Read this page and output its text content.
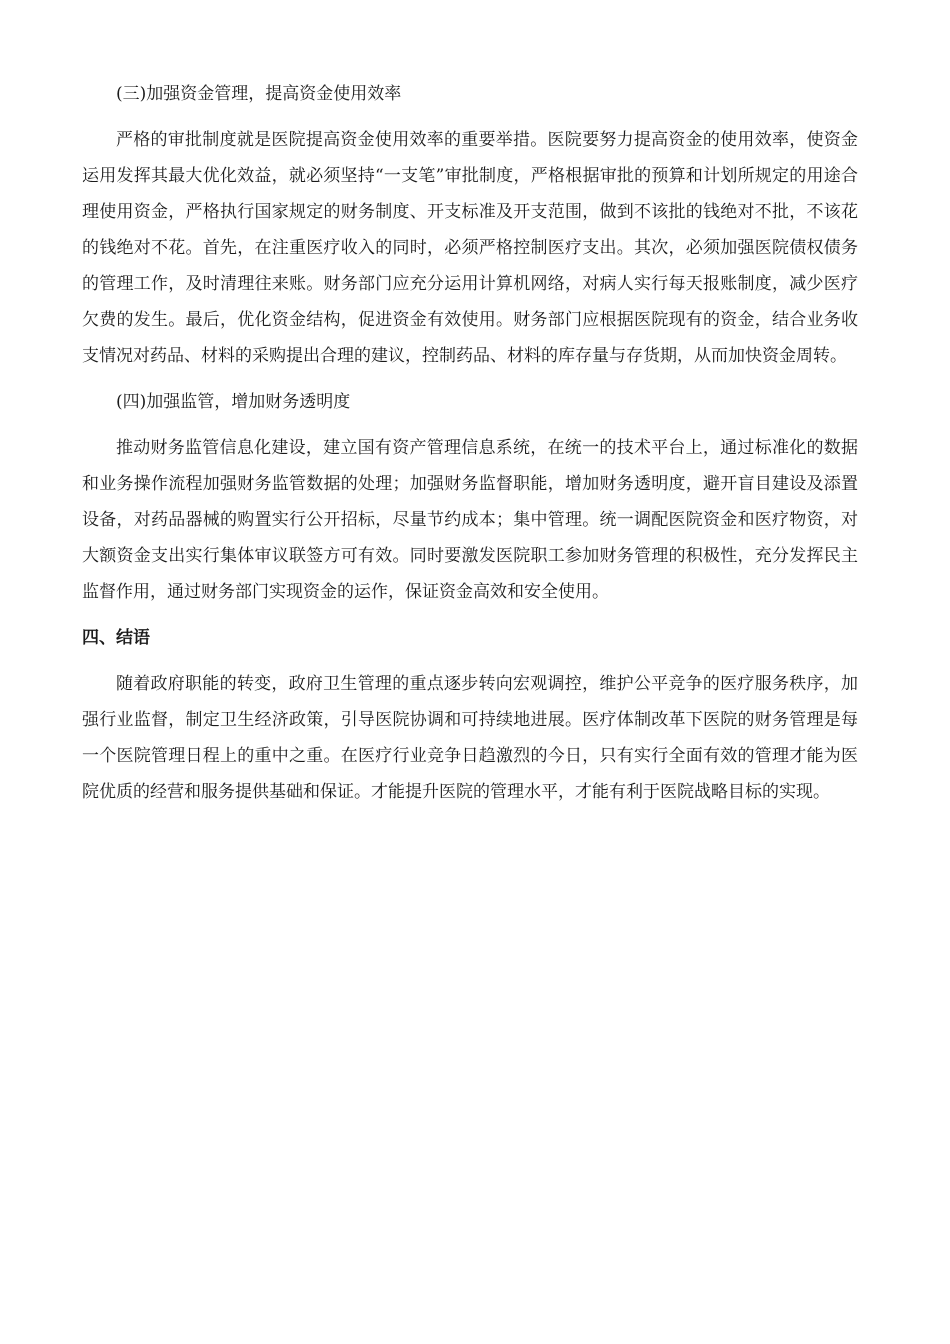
(三)加强资金管理，提高资金使用效率

严格的审批制度就是医院提高资金使用效率的重要举措。医院要努力提高资金的使用效率，使资金运用发挥其最大优化效益，就必须坚持“一支笔”审批制度，严格根据审批的预算和计划所规定的用途合理使用资金，严格执行国家规定的财务制度、开支标准及开支范围，做到不该批的钱绝对不批，不该花的钱绝对不花。首先，在注重医疗收入的同时，必须严格控制医疗支出。其次，必须加强医院债权债务的管理工作，及时清理往来账。财务部门应充分运用计算机网络，对病人实行每天报账制度，减少医疗欠费的发生。最后，优化资金结构，促进资金有效使用。财务部门应根据医院现有的资金，结合业务收支情况对药品、材料的采购提出合理的建议，控制药品、材料的库存量与存货期，从而加快资金周转。

(四)加强监管，增加财务透明度

推动财务监管信息化建设，建立国有资产管理信息系统，在统一的技术平台上，通过标准化的数据和业务操作流程加强财务监管数据的处理；加强财务监督职能，增加财务透明度，避开盲目建设及添置设备，对药品器械的购置实行公开招标，尽量节约成本；集中管理。统一调配医院资金和医疗物资，对大额资金支出实行集体审议联签方可有效。同时要激发医院职工参加财务管理的积极性，充分发挥民主监督作用，通过财务部门实现资金的运作，保证资金高效和安全使用。

四、结语

随着政府职能的转变，政府卫生管理的重点逐步转向宏观调控，维护公平竞争的医疗服务秩序，加强行业监督，制定卫生经济政策，引导医院协调和可持续地进展。医疗体制改革下医院的财务管理是每一个医院管理日程上的重中之重。在医疗行业竞争日趋激烈的今日，只有实行全面有效的管理才能为医院优质的经营和服务提供基础和保证。才能提升医院的管理水平，才能有利于医院战略目标的实现。
